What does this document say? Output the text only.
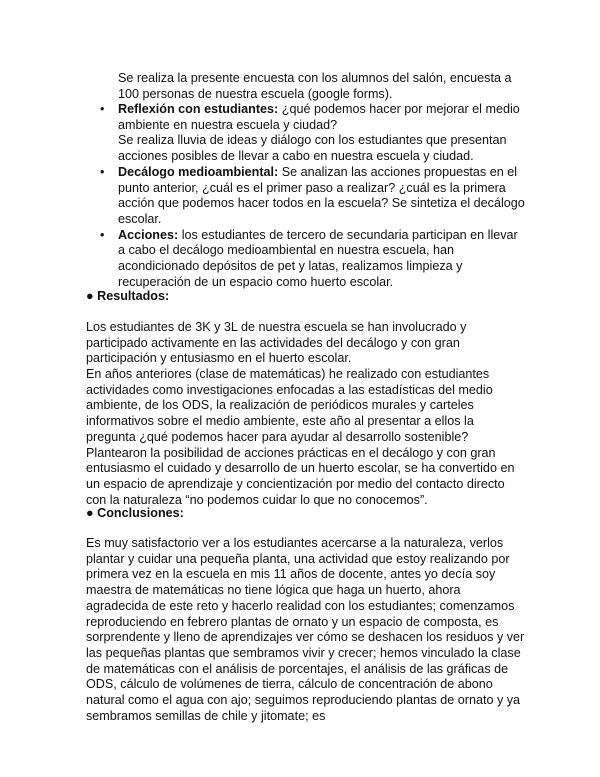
Se realiza la presente encuesta con los alumnos del salón, encuesta a 100 personas de nuestra escuela (google forms).

• Reflexión con estudiantes: ¿qué podemos hacer por mejorar el medio ambiente en nuestra escuela y ciudad?

Se realiza lluvia de ideas y diálogo con los estudiantes que presentan acciones posibles de llevar a cabo en nuestra escuela y ciudad.

• Decálogo medioambiental: Se analizan las acciones propuestas en el punto anterior, ¿cuál es el primer paso a realizar? ¿cuál es la primera acción que podemos hacer todos en la escuela? Se sintetiza el decálogo escolar.
• Acciones: los estudiantes de tercero de secundaria participan en llevar a cabo el decálogo medioambiental en nuestra escuela, han acondicionado depósitos de pet y latas, realizamos limpieza y recuperación de un espacio como huerto escolar.

● Resultados:

Los estudiantes de 3K y 3L de nuestra escuela se han involucrado y participado activamente en las actividades del decálogo y con gran participación y entusiasmo en el huerto escolar.

En años anteriores (clase de matemáticas) he realizado con estudiantes actividades como investigaciones enfocadas a las estadísticas del medio ambiente, de los ODS, la realización de periódicos murales y carteles informativos sobre el medio ambiente, este año al presentar a ellos la pregunta ¿qué podemos hacer para ayudar al desarrollo sostenible? Plantearon la posibilidad de acciones prácticas en el decálogo y con gran entusiasmo el cuidado y desarrollo de un huerto escolar, se ha convertido en un espacio de aprendizaje y concientización por medio del contacto directo con la naturaleza “no podemos cuidar lo que no conocemos”.

● Conclusiones:

Es muy satisfactorio ver a los estudiantes acercarse a la naturaleza, verlos plantar y cuidar una pequeña planta, una actividad que estoy realizando por primera vez en la escuela en mis 11 años de docente, antes yo decía soy maestra de matemáticas no tiene lógica que haga un huerto, ahora agradecida de este reto y hacerlo realidad con los estudiantes; comenzamos reproduciendo en febrero plantas de ornato y un espacio de composta, es sorprendente y lleno de aprendizajes ver cómo se deshacen los residuos y ver las pequeñas plantas que sembramos vivir y crecer; hemos vinculado la clase de matemáticas con el análisis de porcentajes, el análisis de las gráficas de ODS, cálculo de volúmenes de tierra, cálculo de concentración de abono natural como el agua con ajo; seguimos reproduciendo plantas de ornato y ya sembramos semillas de chile y jitomate; es
